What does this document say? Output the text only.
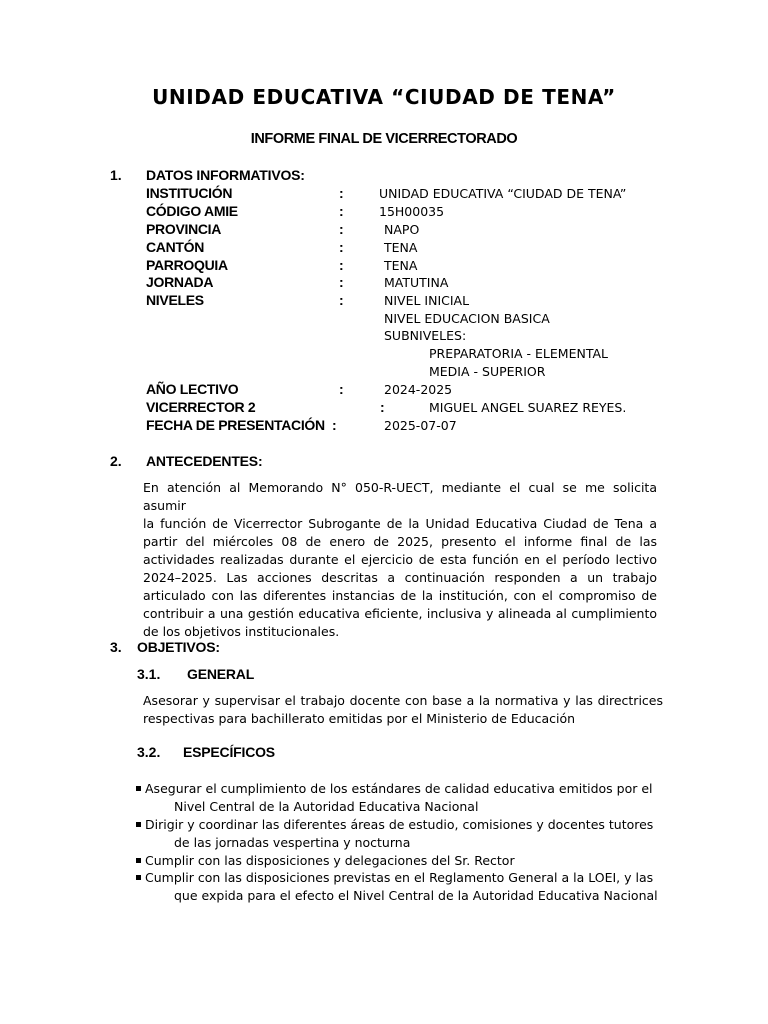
UNIDAD EDUCATIVA “CIUDAD DE TENA”
INFORME FINAL DE VICERRECTORADO
1. DATOS INFORMATIVOS:
INSTITUCIÓN	:	UNIDAD EDUCATIVA “CIUDAD DE TENA”
CÓDIGO AMIE	:	15H00035
PROVINCIA	:	NAPO
CANTÓN	:	TENA
PARROQUIA	:	TENA
JORNADA	:	MATUTINA
NIVELES	:	NIVEL INICIAL
NIVEL EDUCACION BASICA
SUBNIVELES:
PREPARATORIA - ELEMENTAL
MEDIA - SUPERIOR
AÑO LECTIVO	:	2024-2025
VICERRECTOR 2	:	MIGUEL ANGEL SUAREZ REYES.
FECHA DE PRESENTACIÓN :	2025-07-07
2. ANTECEDENTES:
En atención al Memorando N° 050-R-UECT, mediante el cual se me solicita asumir
la función de Vicerrector Subrogante de la Unidad Educativa Ciudad de Tena a
partir del miércoles 08 de enero de 2025, presento el informe final de las
actividades realizadas durante el ejercicio de esta función en el período lectivo
2024–2025. Las acciones descritas a continuación responden a un trabajo
articulado con las diferentes instancias de la institución, con el compromiso de
contribuir a una gestión educativa eficiente, inclusiva y alineada al cumplimiento
de los objetivos institucionales.
3. OBJETIVOS:
3.1. GENERAL
Asesorar y supervisar el trabajo docente con base a la normativa y las directrices
respectivas para bachillerato emitidas por el Ministerio de Educación
3.2. ESPECÍFICOS
Asegurar el cumplimiento de los estándares de calidad educativa emitidos por el
Nivel Central de la Autoridad Educativa Nacional
Dirigir y coordinar las diferentes áreas de estudio, comisiones y docentes tutores
de las jornadas vespertina y nocturna
Cumplir con las disposiciones y delegaciones del Sr. Rector
Cumplir con las disposiciones previstas en el Reglamento General a la LOEI, y las
que expida para el efecto el Nivel Central de la Autoridad Educativa Nacional
